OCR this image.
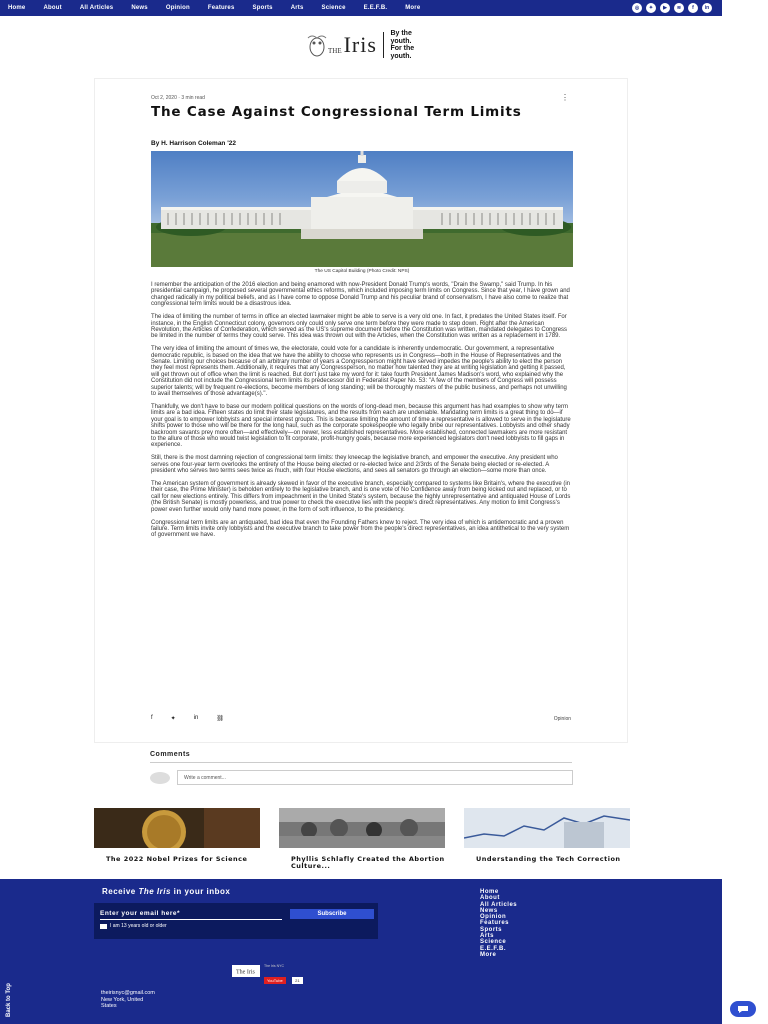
Home	About	All Articles	News	Opinion	Features	Sports	Arts	Science	E.E.F.B.	More	◎	✦	▶	≋	f	in
THE Iris By the
youth.
For the
youth.
Oct 2, 2020 · 3 min read	⋮
The Case Against Congressional Term Limits
By H. Harrison Coleman '22
The US Capitol Building (Photo Credit: NPS)

I remember the anticipation of the 2016 election and being enamored with now-President Donald Trump's words, "Drain the Swamp," said Trump. In his presidential campaign, he proposed several governmental ethics reforms, which included imposing term limits on Congress. Since that year, I have grown and changed radically in my political beliefs, and as I have come to oppose Donald Trump and his peculiar brand of conservatism, I have also come to realize that congressional term limits would be a disastrous idea.

The idea of limiting the number of terms in office an elected lawmaker might be able to serve is a very old one. In fact, it predates the United States itself. For instance, in the English Connecticut colony, governors only could only serve one term before they were made to step down. Right after the American Revolution, the Articles of Confederation, which served as the US's supreme document before the Constitution was written, mandated delegates to Congress be limited in the number of terms they could serve. This idea was thrown out with the Articles, when the Constitution was written as a replacement in 1789.

The very idea of limiting the amount of times we, the electorate, could vote for a candidate is inherently undemocratic. Our government, a representative democratic republic, is based on the idea that we have the ability to choose who represents us in Congress—both in the House of Representatives and the Senate. Limiting our choices because of an arbitrary number of years a Congressperson might have served impedes the people's ability to elect the person they feel most represents them. Additionally, it requires that any Congressperson, no matter how talented they are at writing legislation and getting it passed, will get thrown out of office when the limit is reached. But don't just take my word for it: take fourth President James Madison's word, who explained why the Constitution did not include the Congressional term limits its predecessor did in Federalist Paper No. 53: "A few of the members of Congress will possess superior talents; will by frequent re-elections, become members of long standing; will be thoroughly masters of the public business, and perhaps not unwilling to avail themselves of those advantage(s).".

Thankfully, we don't have to base our modern political questions on the words of long-dead men, because this argument has had examples to show why term limits are a bad idea. Fifteen states do limit their state legislatures, and the results from each are undeniable. Mandating term limits is a great thing to do—if your goal is to empower lobbyists and special interest groups. This is because limiting the amount of time a representative is allowed to serve in the legislature shifts power to those who will be there for the long haul, such as the corporate spokespeople who legally bribe our representatives. Lobbyists and other shady backroom savants prey more often—and effectively—on newer, less established representatives. More established, connected lawmakers are more resistant to the allure of those who would twist legislation to fit corporate, profit-hungry goals, because more experienced legislators don't need lobbyists to fill gaps in experience.

Still, there is the most damning rejection of congressional term limits: they kneecap the legislative branch, and empower the executive. Any president who serves one four-year term overlooks the entirety of the House being elected or re-elected twice and 2/3rds of the Senate being elected or re-elected. A president who serves two terms sees twice as much, with four House elections, and sees all senators go through an election—some more than once.

The American system of government is already skewed in favor of the executive branch, especially compared to systems like Britain's, where the executive (in their case, the Prime Minister) is beholden entirely to the legislative branch, and is one vote of No Confidence away from being kicked out and replaced, or to call for new elections entirely. This differs from impeachment in the United State's system, because the highly unrepresentative and antiquated House of Lords (the British Senate) is mostly powerless, and true power to check the executive lies with the people's direct representatives. Any motion to limit Congress's power even further would only hand more power, in the form of soft influence, to the presidency.

Congressional term limits are an antiquated, bad idea that even the Founding Fathers knew to reject. The very idea of which is antidemocratic and a proven failure. Term limits invite only lobbyists and the executive branch to take power from the people's direct representatives, an idea antithetical to the very system of government we have.

f	✦	in	⛓	Opinion
Comments
Write a comment...
The 2022 Nobel Prizes for Science	Phyllis Schlafly Created the Abortion Culture...
Understanding the Tech Correction
Receive The Iris in your inbox
Enter your email here*	Subscribe
I am 13 years old or older
Home
About
All Articles
News
Opinion
Features
Sports
Arts
Science
E.E.F.B.
More
The Iris
The Iris NYC
YouTube	21
theirisnyc@gmail.com
New York, United
States
Back to Top
